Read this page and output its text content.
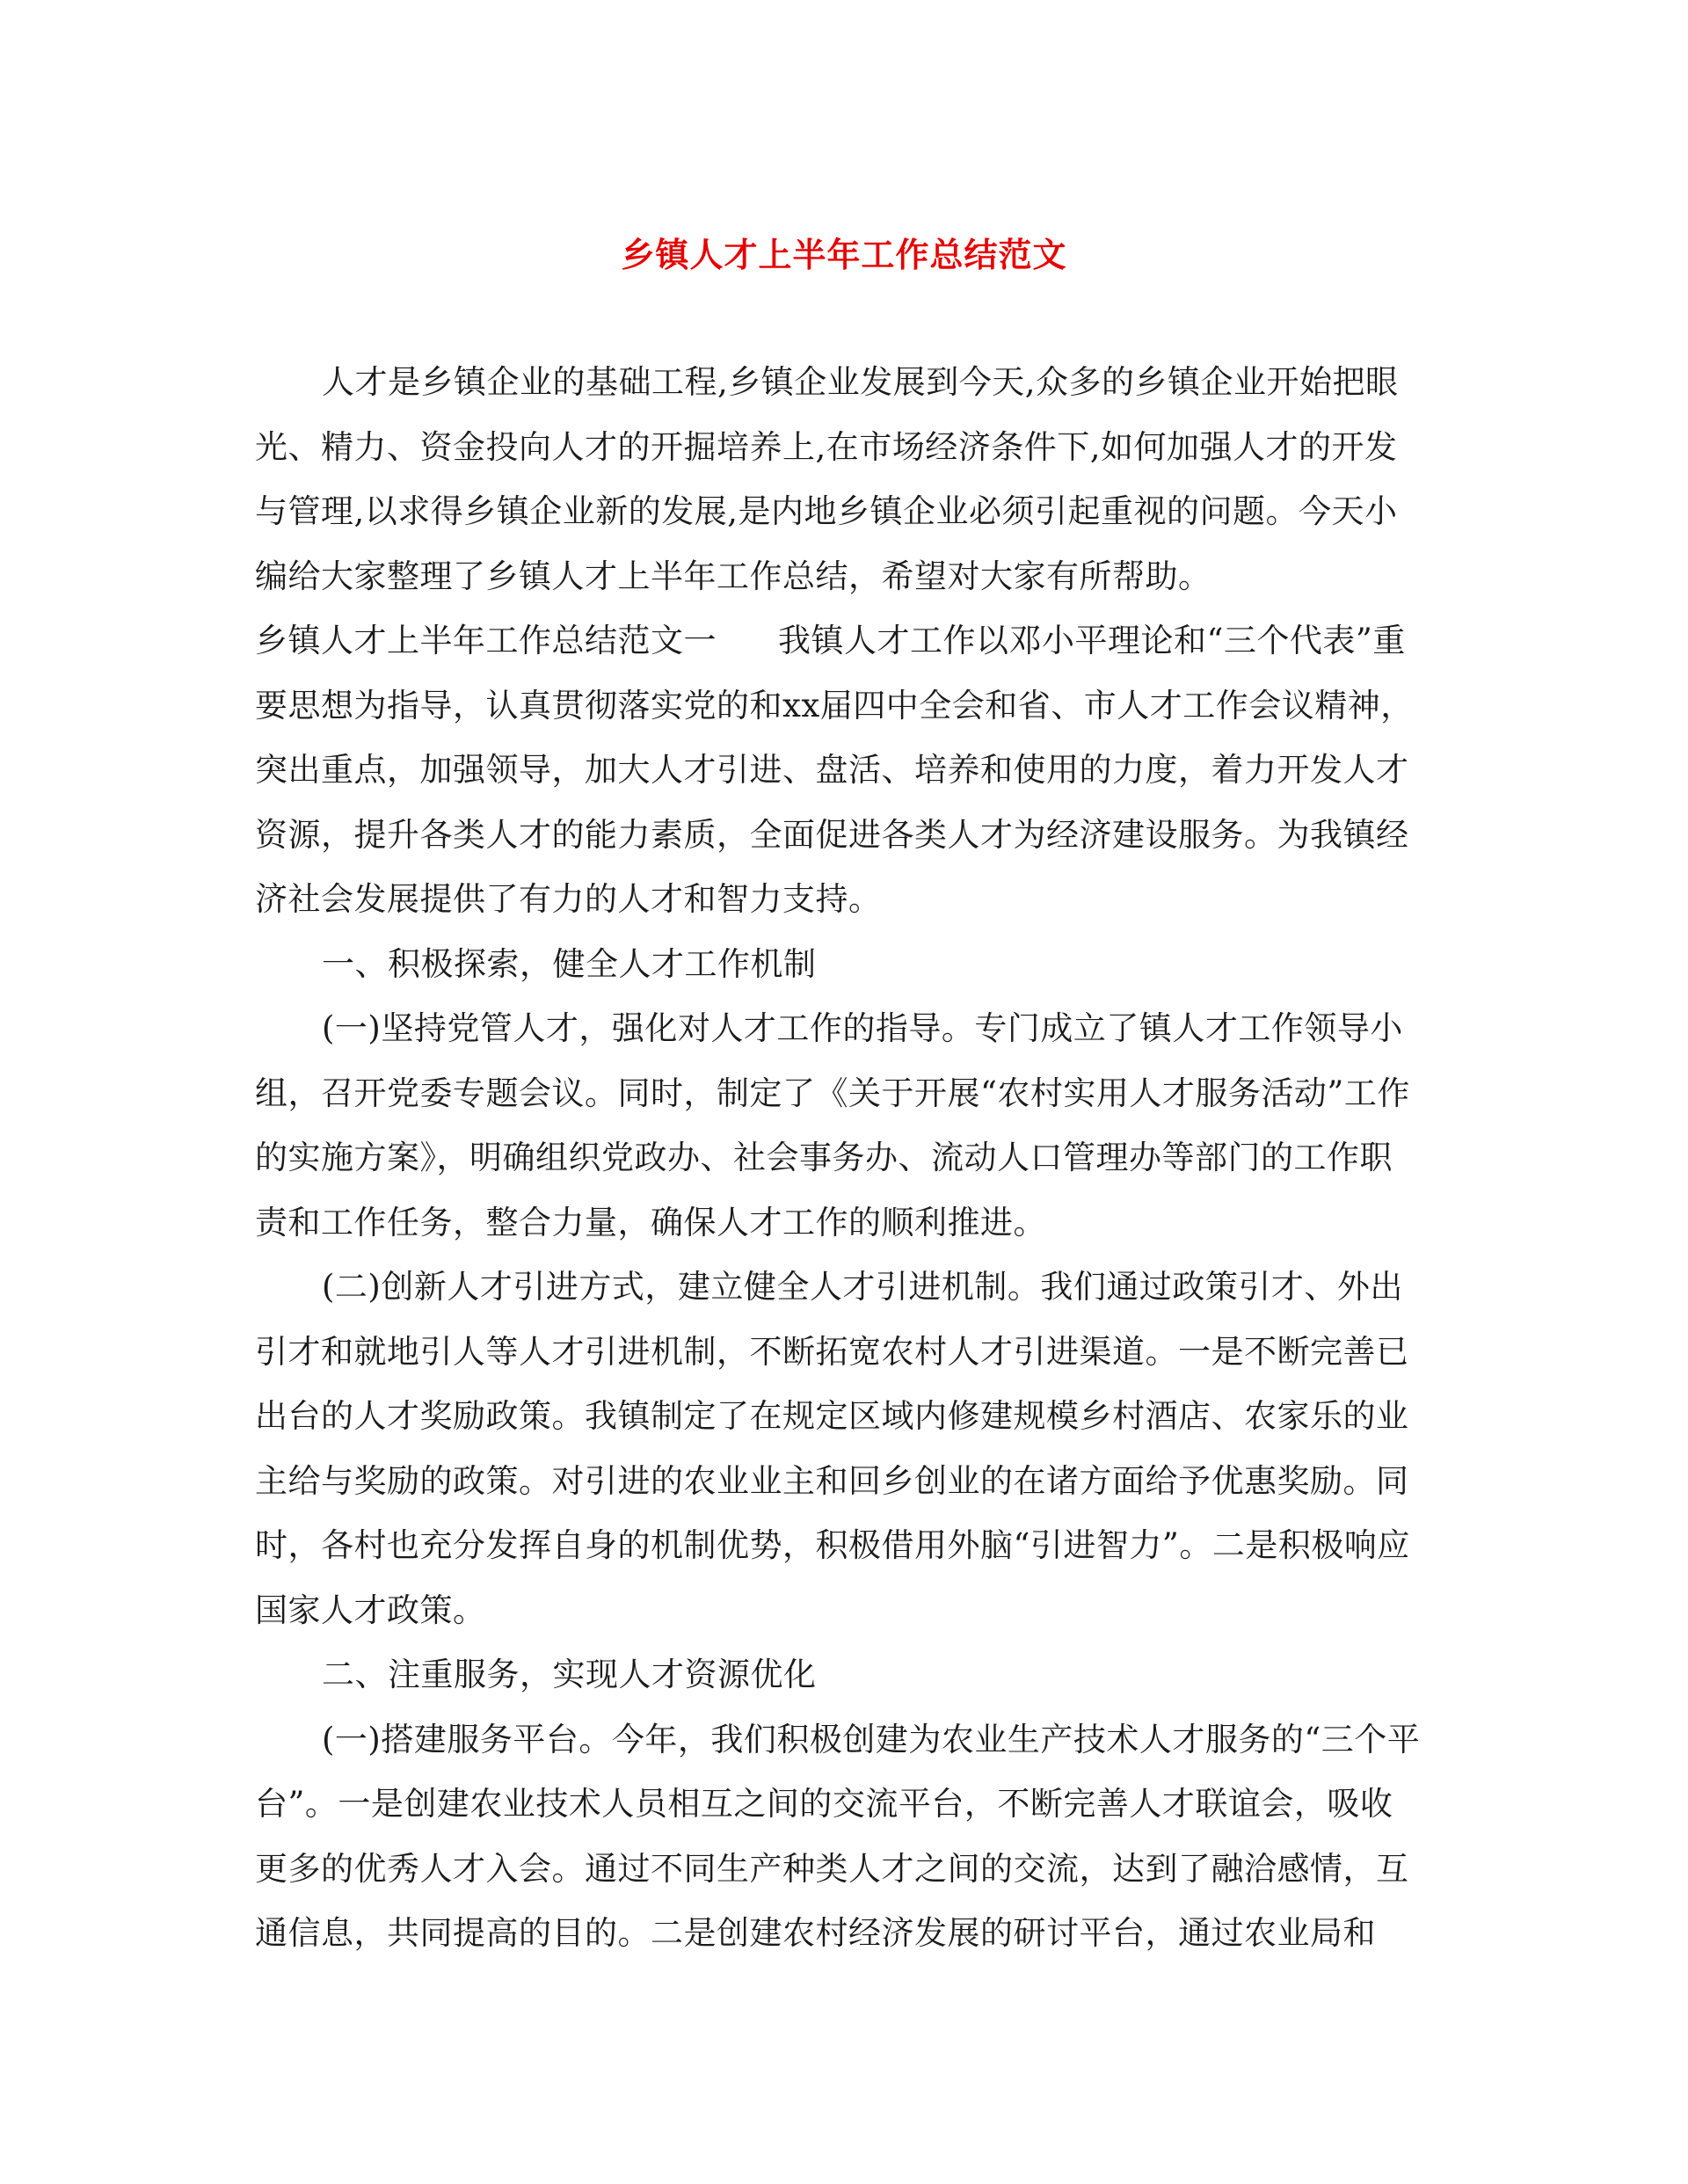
乡镇人才上半年工作总结范文

人才是乡镇企业的基础工程,乡镇企业发展到今天,众多的乡镇企业开始把眼光、精力、资金投向人才的开掘培养上,在市场经济条件下,如何加强人才的开发与管理,以求得乡镇企业新的发展,是内地乡镇企业必须引起重视的问题。今天小编给大家整理了乡镇人才上半年工作总结，希望对大家有所帮助。

乡镇人才上半年工作总结范文一 我镇人才工作以邓小平理论和“三个代表”重要思想为指导，认真贯彻落实党的和xx届四中全会和省、市人才工作会议精神，突出重点，加强领导，加大人才引进、盘活、培养和使用的力度，着力开发人才资源，提升各类人才的能力素质，全面促进各类人才为经济建设服务。为我镇经济社会发展提供了有力的人才和智力支持。

一、积极探索，健全人才工作机制

(一)坚持党管人才，强化对人才工作的指导。专门成立了镇人才工作领导小组，召开党委专题会议。同时，制定了《关于开展“农村实用人才服务活动”工作的实施方案》，明确组织党政办、社会事务办、流动人口管理办等部门的工作职责和工作任务，整合力量，确保人才工作的顺利推进。

(二)创新人才引进方式，建立健全人才引进机制。我们通过政策引才、外出引才和就地引人等人才引进机制，不断拓宽农村人才引进渠道。一是不断完善已出台的人才奖励政策。我镇制定了在规定区域内修建规模乡村酒店、农家乐的业主给与奖励的政策。对引进的农业业主和回乡创业的在诸方面给予优惠奖励。同时，各村也充分发挥自身的机制优势，积极借用外脑“引进智力”。二是积极响应国家人才政策。

二、注重服务，实现人才资源优化

(一)搭建服务平台。今年，我们积极创建为农业生产技术人才服务的“三个平台”。一是创建农业技术人员相互之间的交流平台，不断完善人才联谊会，吸收更多的优秀人才入会。通过不同生产种类人才之间的交流，达到了融洽感情，互通信息，共同提高的目的。二是创建农村经济发展的研讨平台，通过农业局和
